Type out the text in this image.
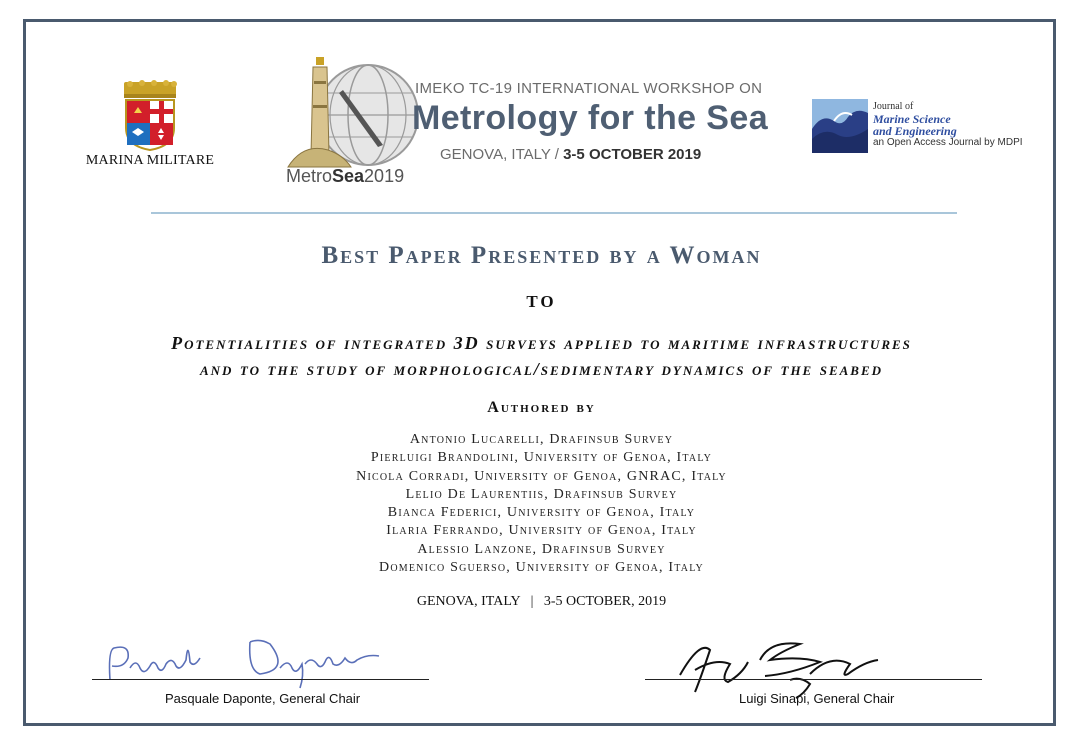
MARINA MILITARE
MetroSea2019
IMEKO TC-19 INTERNATIONAL WORKSHOP ON
Metrology for the Sea
GENOVA, ITALY / 3-5 OCTOBER 2019
Journal of
Marine Science
and Engineering
an Open Access Journal by MDPI
Best Paper Presented by a Woman
TO
Potentialities of integrated 3D surveys applied to maritime infrastructures
and to the study of morphological/sedimentary dynamics of the seabed
Authored by
Antonio Lucarelli, Drafinsub Survey
Pierluigi Brandolini, University of Genoa, Italy
Nicola Corradi, University of Genoa, GNRAC, Italy
Lelio De Laurentiis, Drafinsub Survey
Bianca Federici, University of Genoa, Italy
Ilaria Ferrando, University of Genoa, Italy
Alessio Lanzone, Drafinsub Survey
Domenico Sguerso, University of Genoa, Italy
GENOVA, ITALY   |   3-5 OCTOBER, 2019
Pasquale Daponte, General Chair	Luigi Sinapi, General Chair
